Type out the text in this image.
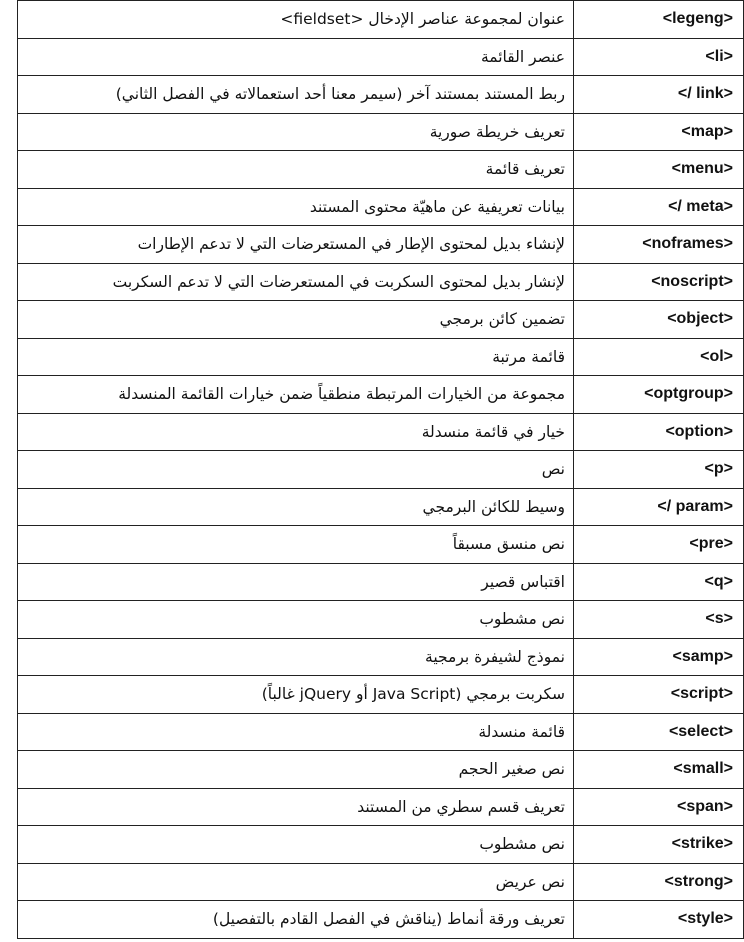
عنوان لمجموعة عناصر الإدخال <fieldset>	<legeng>
عنصر القائمة	<li>
ربط المستند بمستند آخر (سيمر معنا أحد استعمالاته في الفصل الثاني)	</ link>
تعريف خريطة صورية	<map>
تعريف قائمة	<menu>
بيانات تعريفية عن ماهيّة محتوى المستند	</ meta>
لإنشاء بديل لمحتوى الإطار في المستعرضات التي لا تدعم الإطارات	<noframes>
لإنشار بديل لمحتوى السكربت في المستعرضات التي لا تدعم السكربت	<noscript>
تضمين كائن برمجي	<object>
قائمة مرتبة	<ol>
مجموعة من الخيارات المرتبطة منطقياً ضمن خيارات القائمة المنسدلة	<optgroup>
خيار في قائمة منسدلة	<option>
نص	<p>
وسيط للكائن البرمجي	</ param>
نص منسق مسبقاً	<pre>
اقتباس قصير	<q>
نص مشطوب	<s>
نموذج لشيفرة برمجية	<samp>
سكربت برمجي (Java Script أو jQuery غالباً)	<script>
قائمة منسدلة	<select>
نص صغير الحجم	<small>
تعريف قسم سطري من المستند	<span>
نص مشطوب	<strike>
نص عريض	<strong>
تعريف ورقة أنماط (يناقش في الفصل القادم بالتفصيل)	<style>
